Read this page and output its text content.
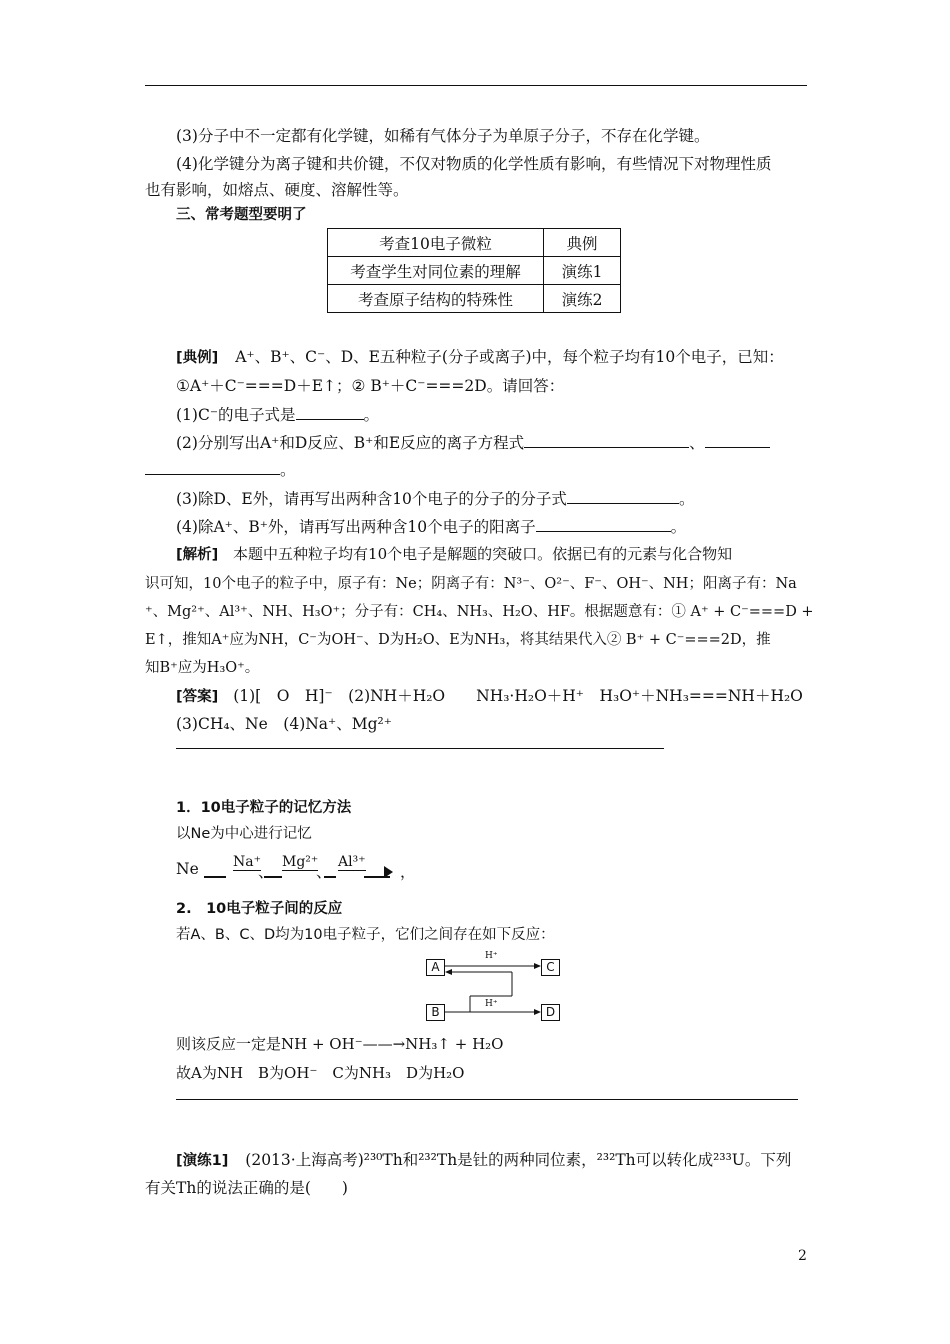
(3)分子中不一定都有化学键，如稀有气体分子为单原子分子，不存在化学键。
(4)化学键分为离子键和共价键，不仅对物质的化学性质有影响，有些情况下对物理性质
也有影响，如熔点、硬度、溶解性等。
三、常考题型要明了
考查10电子微粒	典例
考查学生对同位素的理解	演练1
考查原子结构的特殊性	演练2
[典例] A⁺、B⁺、C⁻、D、E五种粒子(分子或离子)中，每个粒子均有10个电子，已知：
①A⁺＋C⁻===D＋E↑；② B⁺＋C⁻===2D。请回答：
(1)C⁻的电子式是	。
(2)分别写出A⁺和D反应、B⁺和E反应的离子方程式	、
。
(3)除D、E外，请再写出两种含10个电子的分子的分子式	。
(4)除A⁺、B⁺外，请再写出两种含10个电子的阳离子	。
[解析] 本题中五种粒子均有10个电子是解题的突破口。依据已有的元素与化合物知
识可知，10个电子的粒子中，原子有：Ne；阴离子有：N³⁻、O²⁻、F⁻、OH⁻、NH；阳离子有：Na
⁺、Mg²⁺、Al³⁺、NH、H₃O⁺；分子有：CH₄、NH₃、H₂O、HF。根据题意有：① A⁺ + C⁻===D +
E↑，推知A⁺应为NH，C⁻为OH⁻、D为H₂O、E为NH₃，将其结果代入② B⁺ + C⁻===2D，推
知B⁺应为H₃O⁺。
[答案] (1)[　O　H]⁻　(2)NH＋H₂O　　NH₃·H₂O＋H⁺　H₃O⁺＋NH₃===NH＋H₂O
(3)CH₄、Ne　(4)Na⁺、Mg²⁺
1．10电子粒子的记忆方法
以Ne为中心进行记忆
Ne Na⁺
、
Mg²⁺
、
Al³⁺
，
2.　10电子粒子间的反应
若A、B、C、D均为10电子粒子，它们之间存在如下反应：
A	C
B	D
H⁺
H⁺
则该反应一定是NH + OH⁻——→NH₃↑ + H₂O
故A为NH　B为OH⁻　C为NH₃　D为H₂O
[演练1] (2013·上海高考)²³⁰Th和²³²Th是钍的两种同位素，²³²Th可以转化成²³³U。下列
有关Th的说法正确的是(　　)
2
